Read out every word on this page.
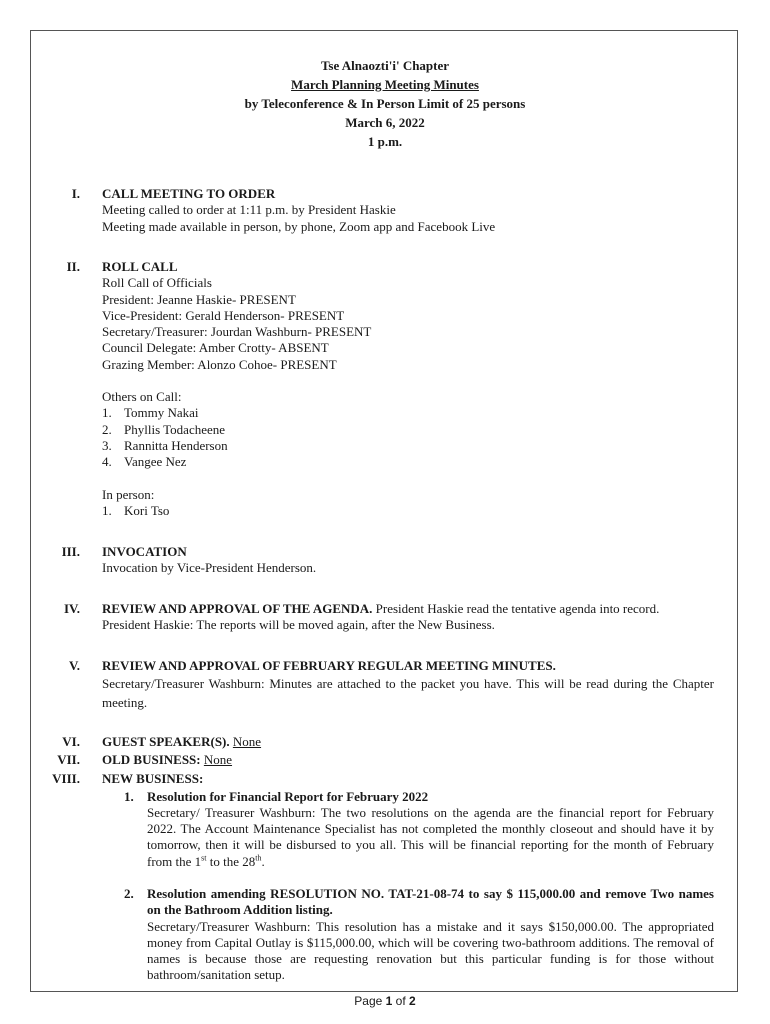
Tse Alnaozti'i' Chapter
March Planning Meeting Minutes
by Teleconference & In Person Limit of 25 persons
March 6, 2022
1 p.m.
I. CALL MEETING TO ORDER
Meeting called to order at 1:11 p.m. by President Haskie
Meeting made available in person, by phone, Zoom app and Facebook Live
II. ROLL CALL
Roll Call of Officials
President: Jeanne Haskie- PRESENT
Vice-President: Gerald Henderson- PRESENT
Secretary/Treasurer: Jourdan Washburn- PRESENT
Council Delegate: Amber Crotty- ABSENT
Grazing Member: Alonzo Cohoe- PRESENT
Others on Call:
1. Tommy Nakai
2. Phyllis Todacheene
3. Rannitta Henderson
4. Vangee Nez
In person:
1. Kori Tso
III. INVOCATION
Invocation by Vice-President Henderson.
IV. REVIEW AND APPROVAL OF THE AGENDA. President Haskie read the tentative agenda into record.
President Haskie: The reports will be moved again, after the New Business.
V. REVIEW AND APPROVAL OF FEBRUARY REGULAR MEETING MINUTES.
Secretary/Treasurer Washburn: Minutes are attached to the packet you have. This will be read during the Chapter meeting.
VI. GUEST SPEAKER(S). None
VII. OLD BUSINESS: None
VIII. NEW BUSINESS:
1. Resolution for Financial Report for February 2022
Secretary/ Treasurer Washburn: The two resolutions on the agenda are the financial report for February 2022. The Account Maintenance Specialist has not completed the monthly closeout and should have it by tomorrow, then it will be disbursed to you all. This will be financial reporting for the month of February from the 1st to the 28th.
2. Resolution amending RESOLUTION NO. TAT-21-08-74 to say $ 115,000.00 and remove Two names on the Bathroom Addition listing.
Secretary/Treasurer Washburn: This resolution has a mistake and it says $150,000.00. The appropriated money from Capital Outlay is $115,000.00, which will be covering two-bathroom additions. The removal of names is because those are requesting renovation but this particular funding is for those without bathroom/sanitation setup.
Page 1 of 2
